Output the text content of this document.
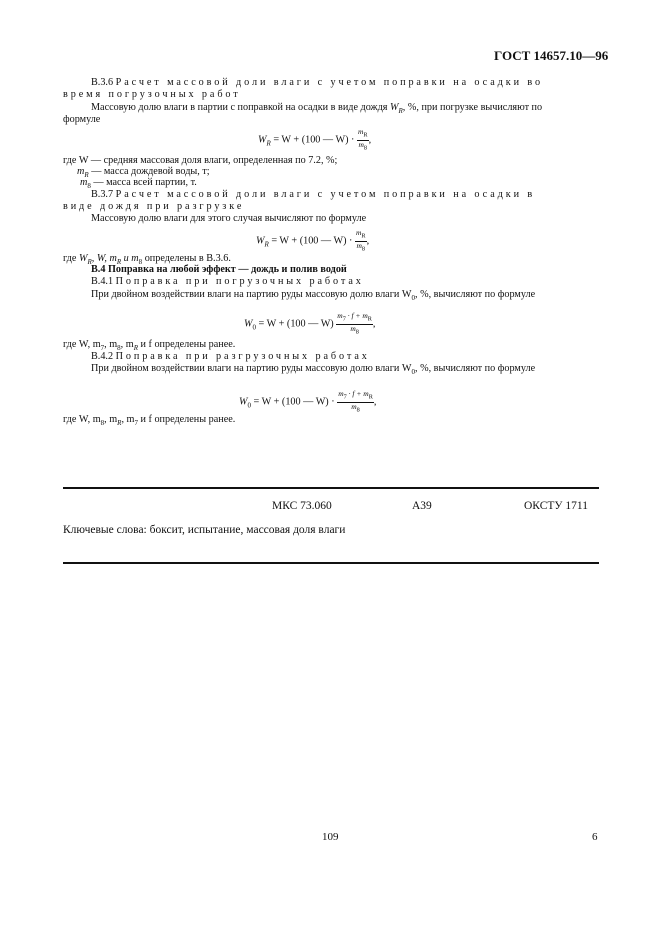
ГОСТ 14657.10—96
В.3.6 Расчет массовой доли влаги с учетом поправки на осадки во
время погрузочных работ
Массовую долю влаги в партии с поправкой на осадки в виде дождя $W_R$, %, при погрузке вычисляют по
формуле
$W_R = W + (100$ — $W) \cdot \frac{m_R}{m_8}$ ,
где W — средняя массовая доля влаги, определенная по 7.2, %;
$m_R$ — масса дождевой воды, т;
$m_8$ — масса всей партии, т.
В.3.7 Расчет массовой доли влаги с учетом поправки на осадки в
виде дождя при разгрузке
Массовую долю влаги для этого случая вычисляют по формуле
$W_R = W + (100$ — $W) \cdot \frac{m_R}{m_8}$ ,
где $W_R$, W, $m_R$ и $m_8$ определены в В.3.6.
В.4 Поправка на любой эффект — дождь и полив водой
В.4.1 Поправка при погрузочных работах
При двойном воздействии влаги на партию руды массовую долю влаги $W_0$, %, вычисляют по формуле
$W_0 = W + (100$ — $W) \frac{m_7 \cdot f + m_R}{m_8}$ ,
где W, $m_7$, $m_8$, $m_R$ и f определены ранее.
В.4.2 Поправка при разгрузочных работах
При двойном воздействии влаги на партию руды массовую долю влаги $W_0$, %, вычисляют по формуле
$W_0 = W + (100$ — $W) \cdot \frac{m_7 \cdot f + m_R}{m_8}$ ,
где W, $m_8$, $m_R$, $m_7$ и f определены ранее.
МКС 73.060	А39	ОКСТУ 1711
Ключевые слова: боксит, испытание, массовая доля влаги
109	6
